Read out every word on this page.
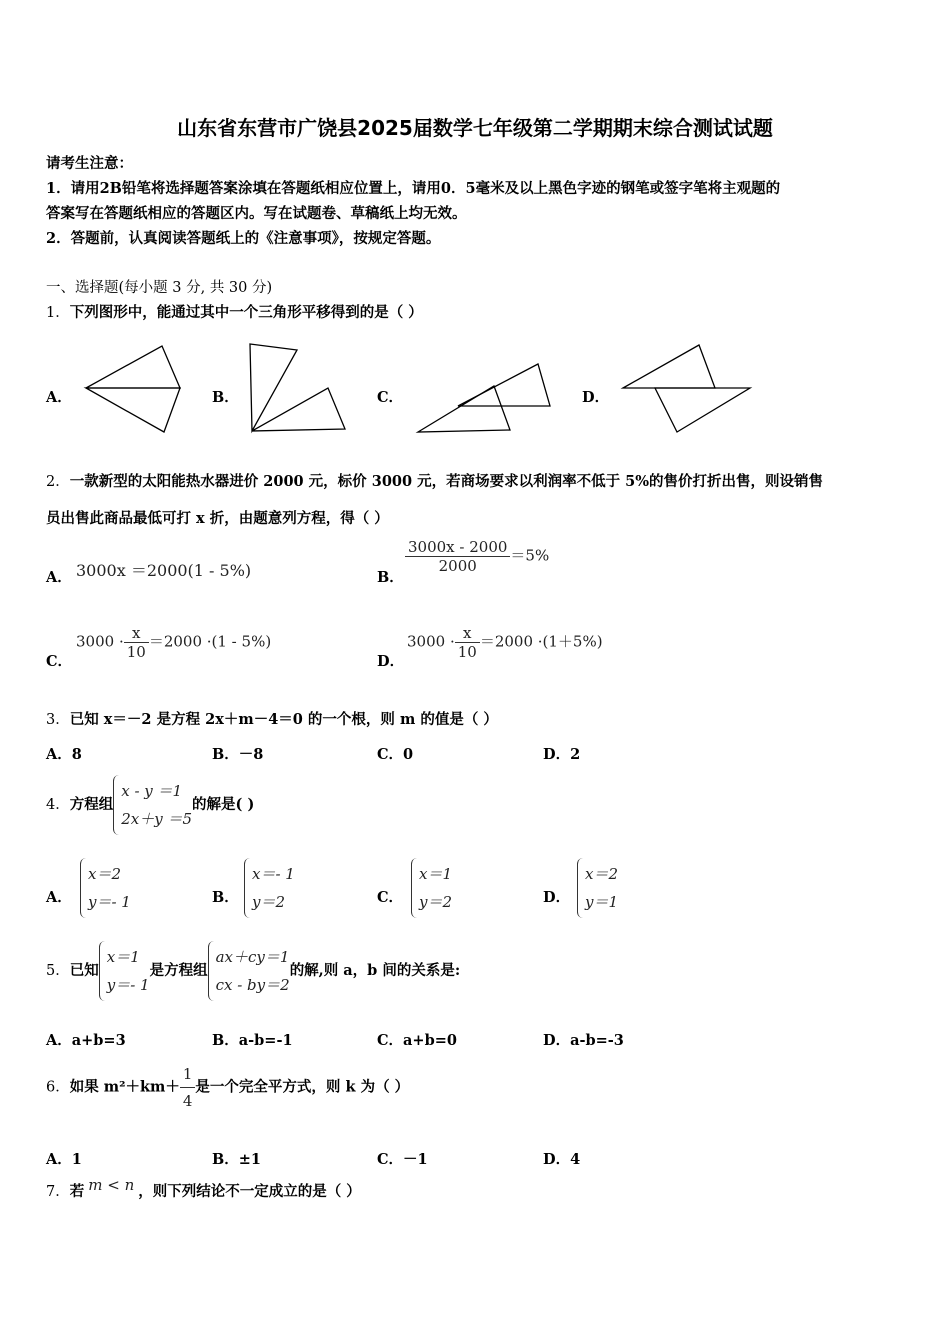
山东省东营市广饶县2025届数学七年级第二学期期末综合测试试题
请考生注意：
1．请用2B铅笔将选择题答案涂填在答题纸相应位置上，请用0．5毫米及以上黑色字迹的钢笔或签字笔将主观题的
答案写在答题纸相应的答题区内。写在试题卷、草稿纸上均无效。
2．答题前，认真阅读答题纸上的《注意事项》，按规定答题。
一、选择题(每小题 3 分, 共 30 分)
1．下列图形中，能通过其中一个三角形平移得到的是（ ）
A．	B．	C．	D．
2．一款新型的太阳能热水器进价 2000 元，标价 3000 元，若商场要求以利润率不低于 5%的售价打折出售，则设销售
员出售此商品最低可打 x 折，由题意列方程，得（ ）
A． 3000x ＝2000(1 - 5%)	B．
$\frac{3000x - 2000}{2000} =5\%$
C．
$3000 \cdot \frac{x}{10} =2000 \cdot(1 - 5\%)$
D．
$3000 \cdot \frac{x}{10} =2000 \cdot(1+5\%)$
3．已知 x＝－2 是方程 2x＋m－4＝0 的一个根，则 m 的值是（ ）
A．8	B．－8	C．0	D．2
4．方程组
x - y ＝1
2x＋y ＝5
的解是( )
A．
x＝2
y＝- 1	B．
x＝- 1
y＝2	C．
x＝1
y＝2	D．
x＝2
y＝1
5．已知
x＝1
y＝- 1
是方程组
ax＋cy＝1
cx - by＝2
的解,则 a，b 间的关系是:
A．a+b=3	B．a-b=-1	C．a+b=0	D．a-b=-3
6．如果 $m^2+km+ \frac{1}{4}$ 是一个完全平方式，则 k 为（ ）
A．1	B．±1	C．－1	D．4
7．若 m < n ，则下列结论不一定成立的是（ ）
